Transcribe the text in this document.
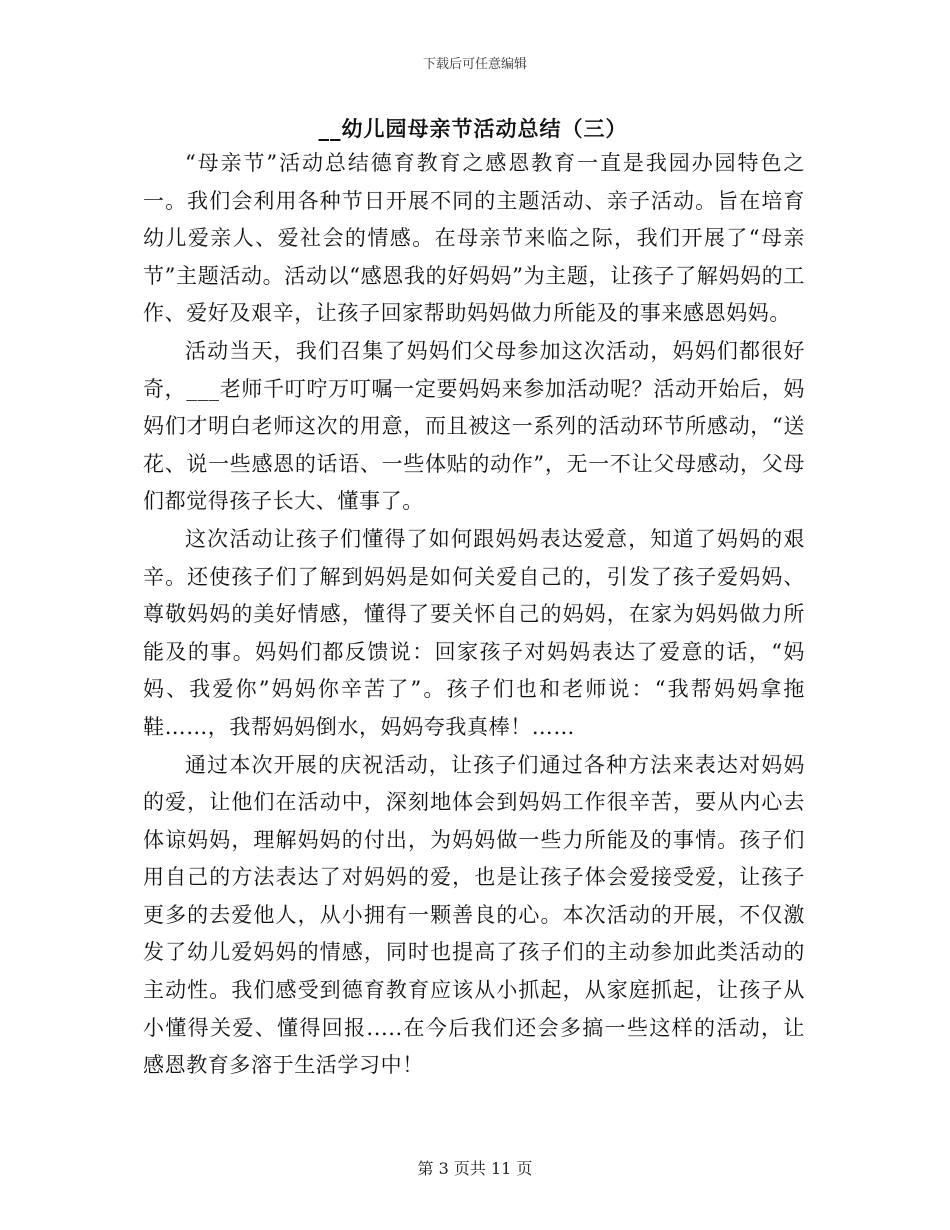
下载后可任意编辑
__幼儿园母亲节活动总结（三）

“母亲节”活动总结德育教育之感恩教育一直是我园办园特色之一。我们会利用各种节日开展不同的主题活动、亲子活动。旨在培育幼儿爱亲人、爱社会的情感。在母亲节来临之际，我们开展了“母亲节”主题活动。活动以“感恩我的好妈妈”为主题，让孩子了解妈妈的工作、爱好及艰辛，让孩子回家帮助妈妈做力所能及的事来感恩妈妈。

活动当天，我们召集了妈妈们父母参加这次活动，妈妈们都很好奇，___老师千叮咛万叮嘱一定要妈妈来参加活动呢？活动开始后，妈妈们才明白老师这次的用意，而且被这一系列的活动环节所感动，“送花、说一些感恩的话语、一些体贴的动作”，无一不让父母感动，父母们都觉得孩子长大、懂事了。

这次活动让孩子们懂得了如何跟妈妈表达爱意，知道了妈妈的艰辛。还使孩子们了解到妈妈是如何关爱自己的，引发了孩子爱妈妈、尊敬妈妈的美好情感，懂得了要关怀自己的妈妈，在家为妈妈做力所能及的事。妈妈们都反馈说：回家孩子对妈妈表达了爱意的话，“妈妈、我爱你”妈妈你辛苦了”。孩子们也和老师说：“我帮妈妈拿拖鞋……，我帮妈妈倒水，妈妈夸我真棒！……

通过本次开展的庆祝活动，让孩子们通过各种方法来表达对妈妈的爱，让他们在活动中，深刻地体会到妈妈工作很辛苦，要从内心去体谅妈妈，理解妈妈的付出，为妈妈做一些力所能及的事情。孩子们用自己的方法表达了对妈妈的爱，也是让孩子体会爱接受爱，让孩子更多的去爱他人，从小拥有一颗善良的心。本次活动的开展，不仅激发了幼儿爱妈妈的情感，同时也提高了孩子们的主动参加此类活动的主动性。我们感受到德育教育应该从小抓起，从家庭抓起，让孩子从小懂得关爱、懂得回报.....在今后我们还会多搞一些这样的活动，让感恩教育多溶于生活学习中！

第 3 页共 11 页
